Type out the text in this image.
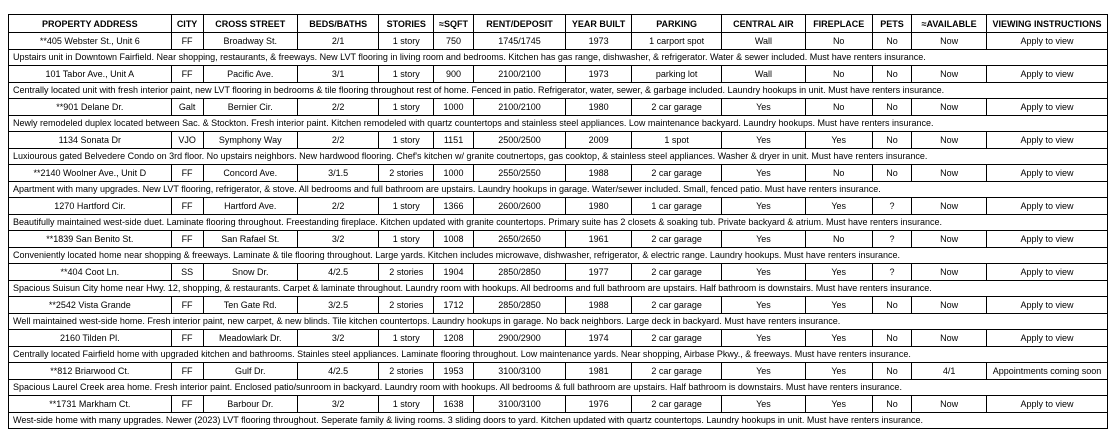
PROPERTY ADDRESS	CITY	CROSS STREET	BEDS/BATHS	STORIES	≈SQFT	RENT/DEPOSIT	YEAR BUILT	PARKING	CENTRAL AIR	FIREPLACE	PETS	≈AVAILABLE	VIEWING INSTRUCTIONS
**405 Webster St., Unit 6	FF	Broadway St.	2/1	1 story	750	1745/1745	1973	1 carport spot	Wall	No	No	Now	Apply to view
Upstairs unit in Downtown Fairfield. Near shopping, restaurants, & freeways. New LVT flooring in living room and bedrooms. Kitchen has gas range, dishwasher, & refrigerator. Water & sewer included. Must have renters insurance.													
101 Tabor Ave., Unit A	FF	Pacific Ave.	3/1	1 story	900	2100/2100	1973	parking lot	Wall	No	No	Now	Apply to view
Centrally located unit with fresh interior paint, new LVT flooring in bedrooms & tile flooring throughout rest of home. Fenced in patio. Refrigerator, water, sewer, & garbage included. Laundry hookups in unit. Must have renters insurance.													
**901 Delane Dr.	Galt	Bernier Cir.	2/2	1 story	1000	2100/2100	1980	2 car garage	Yes	No	No	Now	Apply to view
Newly remodeled duplex located between Sac. & Stockton. Fresh interior paint. Kitchen remodeled with quartz countertops and stainless steel appliances. Low maintenance backyard. Laundry hookups. Must have renters insurance.													
1134 Sonata Dr	VJO	Symphony Way	2/2	1 story	1151	2500/2500	2009	1 spot	Yes	Yes	No	Now	Apply to view
Luxiourous gated Belvedere Condo on 3rd floor. No upstairs neighbors. New hardwood flooring. Chef's kitchen w/ granite coutnertops, gas cooktop, & stainless steel appliances. Washer & dryer in unit. Must have renters insurance.													
**2140 Woolner Ave., Unit D	FF	Concord Ave.	3/1.5	2 stories	1000	2550/2550	1988	2 car garage	Yes	No	No	Now	Apply to view
Apartment with many upgrades. New LVT flooring, refrigerator, & stove. All bedrooms and full bathroom are upstairs. Laundry hookups in garage. Water/sewer included. Small, fenced patio. Must have renters insurance.													
1270 Hartford Cir.	FF	Hartford Ave.	2/2	1 story	1366	2600/2600	1980	1 car garage	Yes	Yes	?	Now	Apply to view
Beautifully maintained west-side duet. Laminate flooring throughout. Freestanding fireplace. Kitchen updated with granite countertops. Primary suite has 2 closets & soaking tub. Private backyard & atrium. Must have renters insurance.													
**1839 San Benito St.	FF	San Rafael St.	3/2	1 story	1008	2650/2650	1961	2 car garage	Yes	No	?	Now	Apply to view
Conveniently located home near shopping & freeways. Laminate & tile flooring throughout. Large yards. Kitchen includes microwave, dishwasher, refrigerator, & electric range. Laundry hookups. Must have renters insurance.													
**404 Coot Ln.	SS	Snow Dr.	4/2.5	2 stories	1904	2850/2850	1977	2 car garage	Yes	Yes	?	Now	Apply to view
Spacious Suisun City home near Hwy. 12, shopping, & restaurants. Carpet & laminate throughout. Laundry room with hookups. All bedrooms and full bathroom are upstairs. Half bathroom is downstairs. Must have renters insurance.													
**2542 Vista Grande	FF	Ten Gate Rd.	3/2.5	2 stories	1712	2850/2850	1988	2 car garage	Yes	Yes	No	Now	Apply to view
Well maintained west-side home. Fresh interior paint, new carpet, & new blinds. Tile kitchen countertops. Laundry hookups in garage. No back neighbors. Large deck in backyard. Must have renters insurance.													
2160 Tilden Pl.	FF	Meadowlark Dr.	3/2	1 story	1208	2900/2900	1974	2 car garage	Yes	Yes	No	Now	Apply to view
Centrally located Fairfield home with upgraded kitchen and bathrooms. Stainles steel appliances. Laminate flooring throughout. Low maintenance yards. Near shopping, Airbase Pkwy., & freeways. Must have renters insurance.													
**812 Briarwood Ct.	FF	Gulf Dr.	4/2.5	2 stories	1953	3100/3100	1981	2 car garage	Yes	Yes	No	4/1	Appointments coming soon
Spacious Laurel Creek area home. Fresh interior paint. Enclosed patio/sunroom in backyard. Laundry room with hookups. All bedrooms & full bathroom are upstairs. Half bathroom is downstairs. Must have renters insurance.													
**1731 Markham Ct.	FF	Barbour Dr.	3/2	1 story	1638	3100/3100	1976	2 car garage	Yes	Yes	No	Now	Apply to view
West-side home with many upgrades. Newer (2023) LVT flooring throughout. Seperate family & living rooms. 3 sliding doors to yard. Kitchen updated with quartz countertops. Laundry hookups in unit. Must have renters insurance.													
